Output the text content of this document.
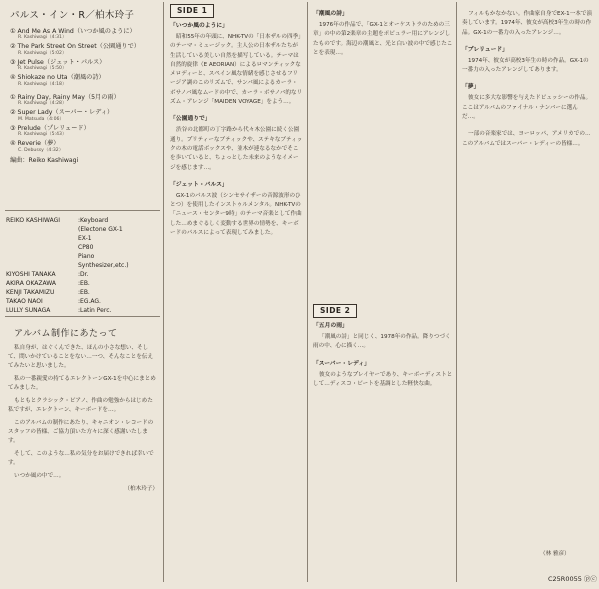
パルス・イン・R／柏木玲子
① And Me As A Wind（いつか風のように）
R. Kashiwagi（4:31）
② The Park Street On Street（公園通りで）
R. Kashiwagi（5:02）
③ Jet Pulse（ジェット・パルス）
R. Kashiwagi（5:50）
④ Shiokaze no Uta（潮風の詩）
R. Kashiwagi（4:18）
① Rainy Day, Rainy May（5月の雨）
R. Kashiwagi（4:28）
② Super Lady（スーパー・レディ）
M. Matsuda（4:06）
③ Prelude（プレリュード）
R. Kashiwagi（5:43）
④ Reverie（夢）
C. Debussy（4:32）
編曲：Reiko Kashiwagi
REIKO KASHIWAGI	:Keyboard
(Electone GX-1
EX-1
CP80
Piano
Synthesizer,etc.)
KIYOSHI TANAKA	:Dr.
AKIRA OKAZAWA	:EB.
KENJI TAKAMIZU	:EB.
TAKAO NAOI	:EG.AG.
LULLY SUNAGA	:Latin Perc.
アルバム制作にあたって

私自身が、はぐくんできた、ほんの小さな想い、そして、問いかけていることをない…一つ、そんなことを伝えてみたいと思いました。

私の一番親愛の持てるエレクトーンGX-1を中心にまとめてみました。

もともとクラシック・ピアノ、作曲の勉強からはじめた私ですが、エレクトーン、キーボードを…。

このアルバムの制作にあたり、キャニオン・レコードのスタッフの皆様、ご協力頂いた方々に深く感謝いたします。

そして、このような…私の気分をお届けできれば幸いです。

いつか風の中で…。

（柏木玲子）
SIDE 1
「いつか風のように」

昭和55年の年頭に、NHK-TVの「日本ザルの四季」のテーマ・ミュージック。主人公の日本ザルたちが生活している美しい自然を描写している。テーマは自然的旋律（E AEORIAN）によるロマンティックなメロディーと、スペイン風な情緒を感じさせるフリージア調のこのリズムで、サンバ風によるカーラ・ボサノバ風なムードの中で、カーラ・ボサノバ的なリズム・アレンジ「MAIDEN VOYAGE」をよう…。

「公園通りで」

渋谷の北都町の丁字路から代々木公園に続く公園通り。プリティーなブティックや、ステキなブティックの木の電話ボックスや、並木が連なるなかでそこを歩いていると、ちょっとした未来のようなイメージを感じます…。

「ジェット・パルス」

GX-1のパルス波（シンセサイザーの音源波形のひとつ）を使用したインストゥルメンタル。NHK-TVの「ニュース・センター9時」のテーマ音楽として作曲した…めまぐるしく変動する世界の情勢を、キーボードのパルスによって表現してみました。

「潮風の詩」

1976年の作品で、「GX-1とオーケストラのための三章」の中の第2楽章の主題をポピュラー用にアレンジしたものです。海辺の潮風と、光と白い波の中で感じたことを表現…。

SIDE 2
「五月の雨」

「潮風の詩」と同じく、1978年の作品。降りつづく雨の中、心に描く…。

「スーパー・レディ」

彼女のようなプレイヤーであり、キーボーディストとして…ディスコ・ビートを基調とした軽快な曲。

フィルもかなかない。作曲家自身でEX-1一本で演奏しています。1974年、彼女が高校3年生の時の作品。GX-1の一番力の入ったアレンジ…。

「プレリュード」

1974年、彼女が高校3年生の時の作品。GX-1の一番力の入ったアレンジしてあります。

「夢」

彼女に多大な影響を与えたドビュッシーの作品。ここはアルバムのファイナル・ナンバーに選んだ…。

一部の音楽家では、ヨーロッパ、アメリカでの…このアルバムではスーパー・レディーの皆様…。

（林 雅彦）
C25R0055 ⓟⓒ
